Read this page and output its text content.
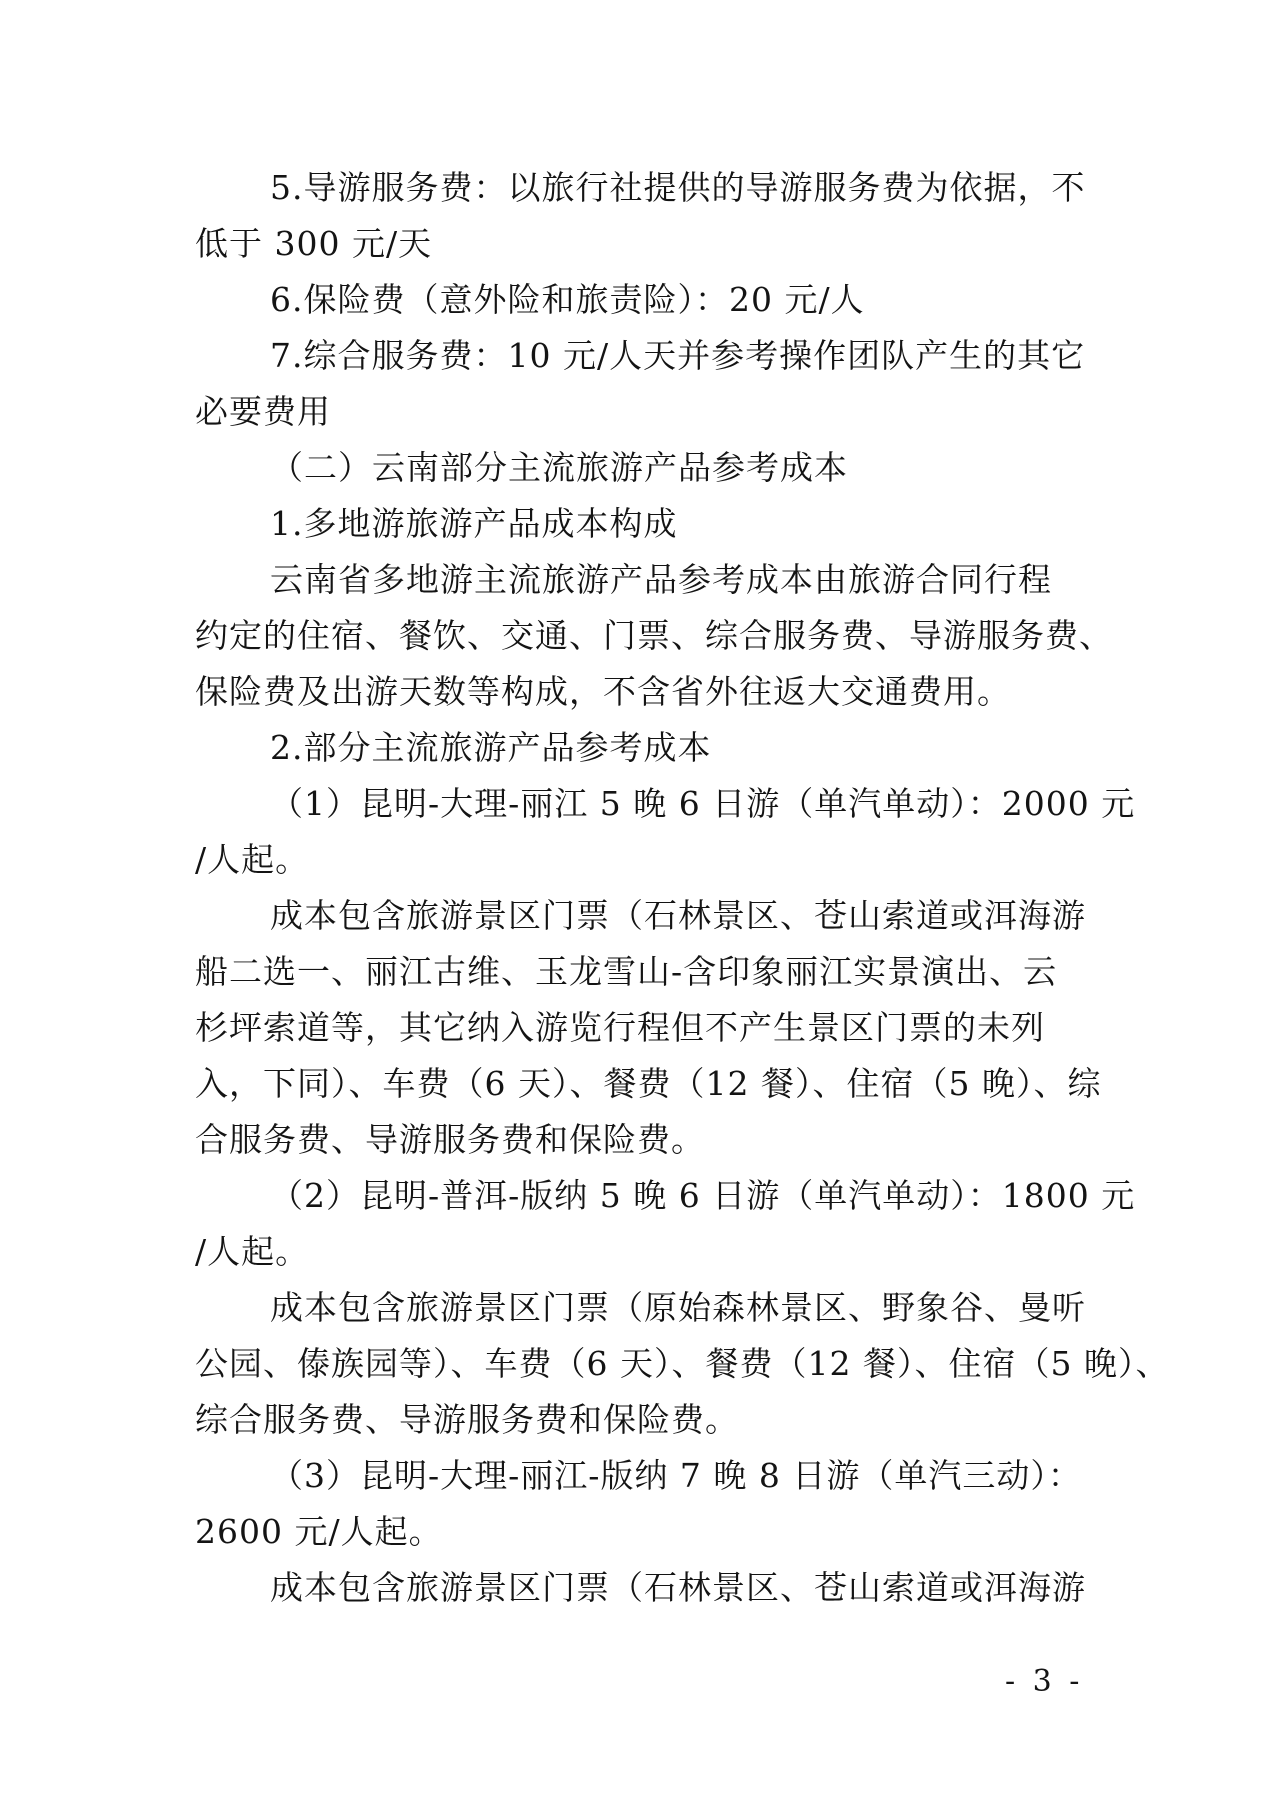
5.导游服务费：以旅行社提供的导游服务费为依据，不
低于 300 元/天
6.保险费（意外险和旅责险）：20 元/人
7.综合服务费：10 元/人天并参考操作团队产生的其它
必要费用
（二）云南部分主流旅游产品参考成本
1.多地游旅游产品成本构成
云南省多地游主流旅游产品参考成本由旅游合同行程
约定的住宿、餐饮、交通、门票、综合服务费、导游服务费、
保险费及出游天数等构成，不含省外往返大交通费用。
2.部分主流旅游产品参考成本
（1）昆明-大理-丽江 5 晚 6 日游（单汽单动）：2000 元
/人起。
成本包含旅游景区门票（石林景区、苍山索道或洱海游
船二选一、丽江古维、玉龙雪山-含印象丽江实景演出、云
杉坪索道等，其它纳入游览行程但不产生景区门票的未列
入，下同）、车费（6 天）、餐费（12 餐）、住宿（5 晚）、综
合服务费、导游服务费和保险费。
（2）昆明-普洱-版纳 5 晚 6 日游（单汽单动）：1800 元
/人起。
成本包含旅游景区门票（原始森林景区、野象谷、曼听
公园、傣族园等）、车费（6 天）、餐费（12 餐）、住宿（5 晚）、
综合服务费、导游服务费和保险费。
（3）昆明-大理-丽江-版纳 7 晚 8 日游（单汽三动）：
2600 元/人起。
成本包含旅游景区门票（石林景区、苍山索道或洱海游
- 3 -
